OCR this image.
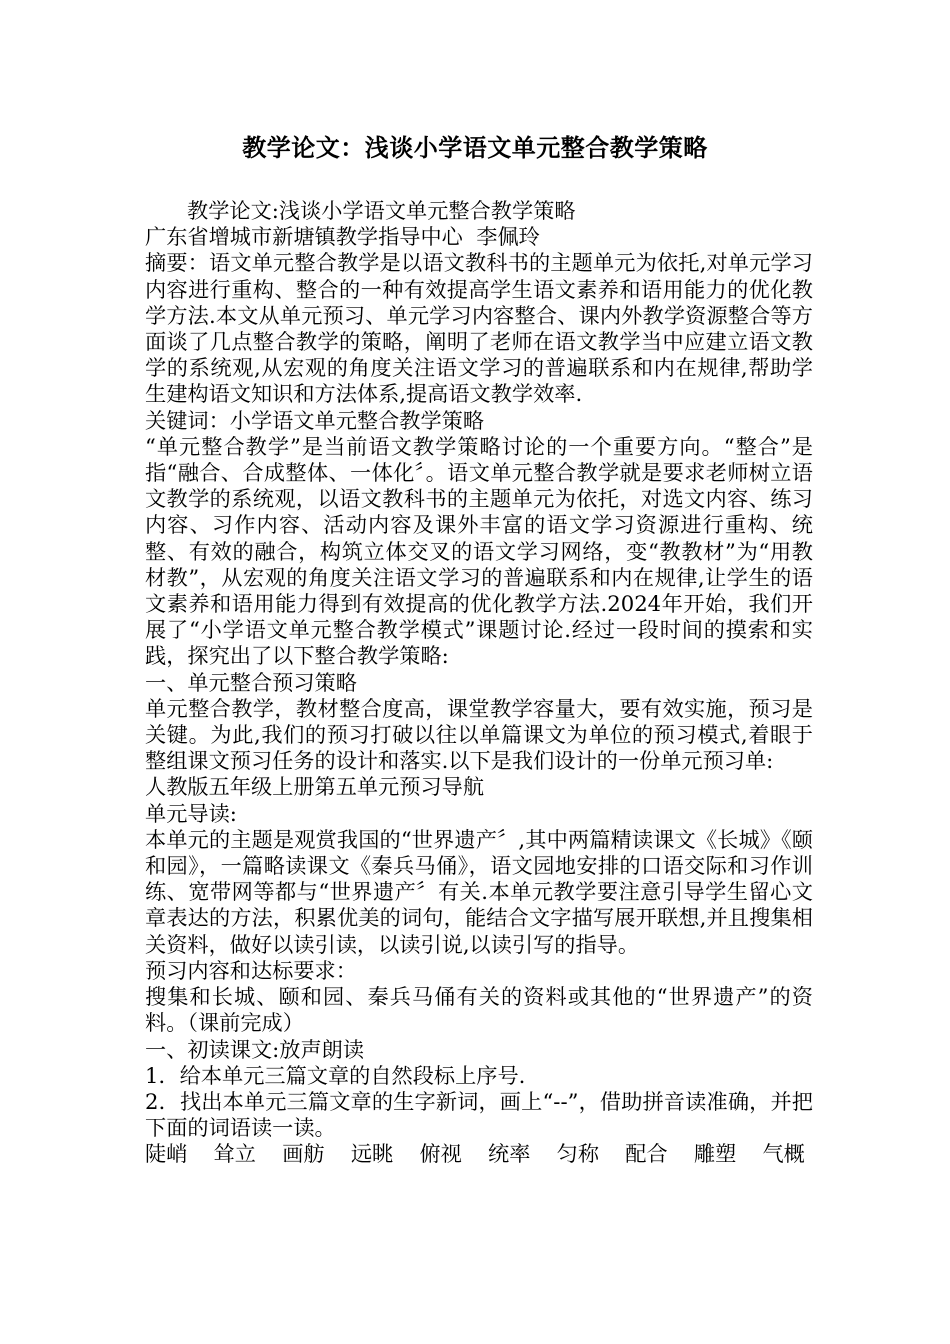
教学论文：浅谈小学语文单元整合教学策略

教学论文:浅谈小学语文单元整合教学策略

广东省增城市新塘镇教学指导中心  李佩玲

摘要：语文单元整合教学是以语文教科书的主题单元为依托,对单元学习内容进行重构、整合的一种有效提高学生语文素养和语用能力的优化教学方法.本文从单元预习、单元学习内容整合、课内外教学资源整合等方面谈了几点整合教学的策略，阐明了老师在语文教学当中应建立语文教学的系统观,从宏观的角度关注语文学习的普遍联系和内在规律,帮助学生建构语文知识和方法体系,提高语文教学效率.

关键词：小学语文单元整合教学策略

“单元整合教学”是当前语文教学策略讨论的一个重要方向。“整合”是指“融合、合成整体、一体化〞。语文单元整合教学就是要求老师树立语文教学的系统观，以语文教科书的主题单元为依托，对选文内容、练习内容、习作内容、活动内容及课外丰富的语文学习资源进行重构、统整、有效的融合，构筑立体交叉的语文学习网络，变“教教材”为“用教材教”，从宏观的角度关注语文学习的普遍联系和内在规律,让学生的语文素养和语用能力得到有效提高的优化教学方法.2024年开始，我们开展了“小学语文单元整合教学模式”课题讨论.经过一段时间的摸索和实践，探究出了以下整合教学策略:

一、单元整合预习策略

单元整合教学，教材整合度高，课堂教学容量大，要有效实施，预习是关键。为此,我们的预习打破以往以单篇课文为单位的预习模式,着眼于整组课文预习任务的设计和落实.以下是我们设计的一份单元预习单:

人教版五年级上册第五单元预习导航

单元导读:

本单元的主题是观赏我国的“世界遗产〞,其中两篇精读课文《长城》《颐和园》，一篇略读课文《秦兵马俑》，语文园地安排的口语交际和习作训练、宽带网等都与“世界遗产〞有关.本单元教学要注意引导学生留心文章表达的方法，积累优美的词句，能结合文字描写展开联想,并且搜集相关资料，做好以读引读，以读引说,以读引写的指导。

预习内容和达标要求：

搜集和长城、颐和园、秦兵马俑有关的资料或其他的“世界遗产”的资料。（课前完成）

一、初读课文:放声朗读

1．给本单元三篇文章的自然段标上序号.

2．找出本单元三篇文章的生字新词，画上“--”，借助拼音读准确，并把下面的词语读一读。

陡峭 耸立 画舫 远眺 俯视 统率 匀称 配合 雕塑 气概
